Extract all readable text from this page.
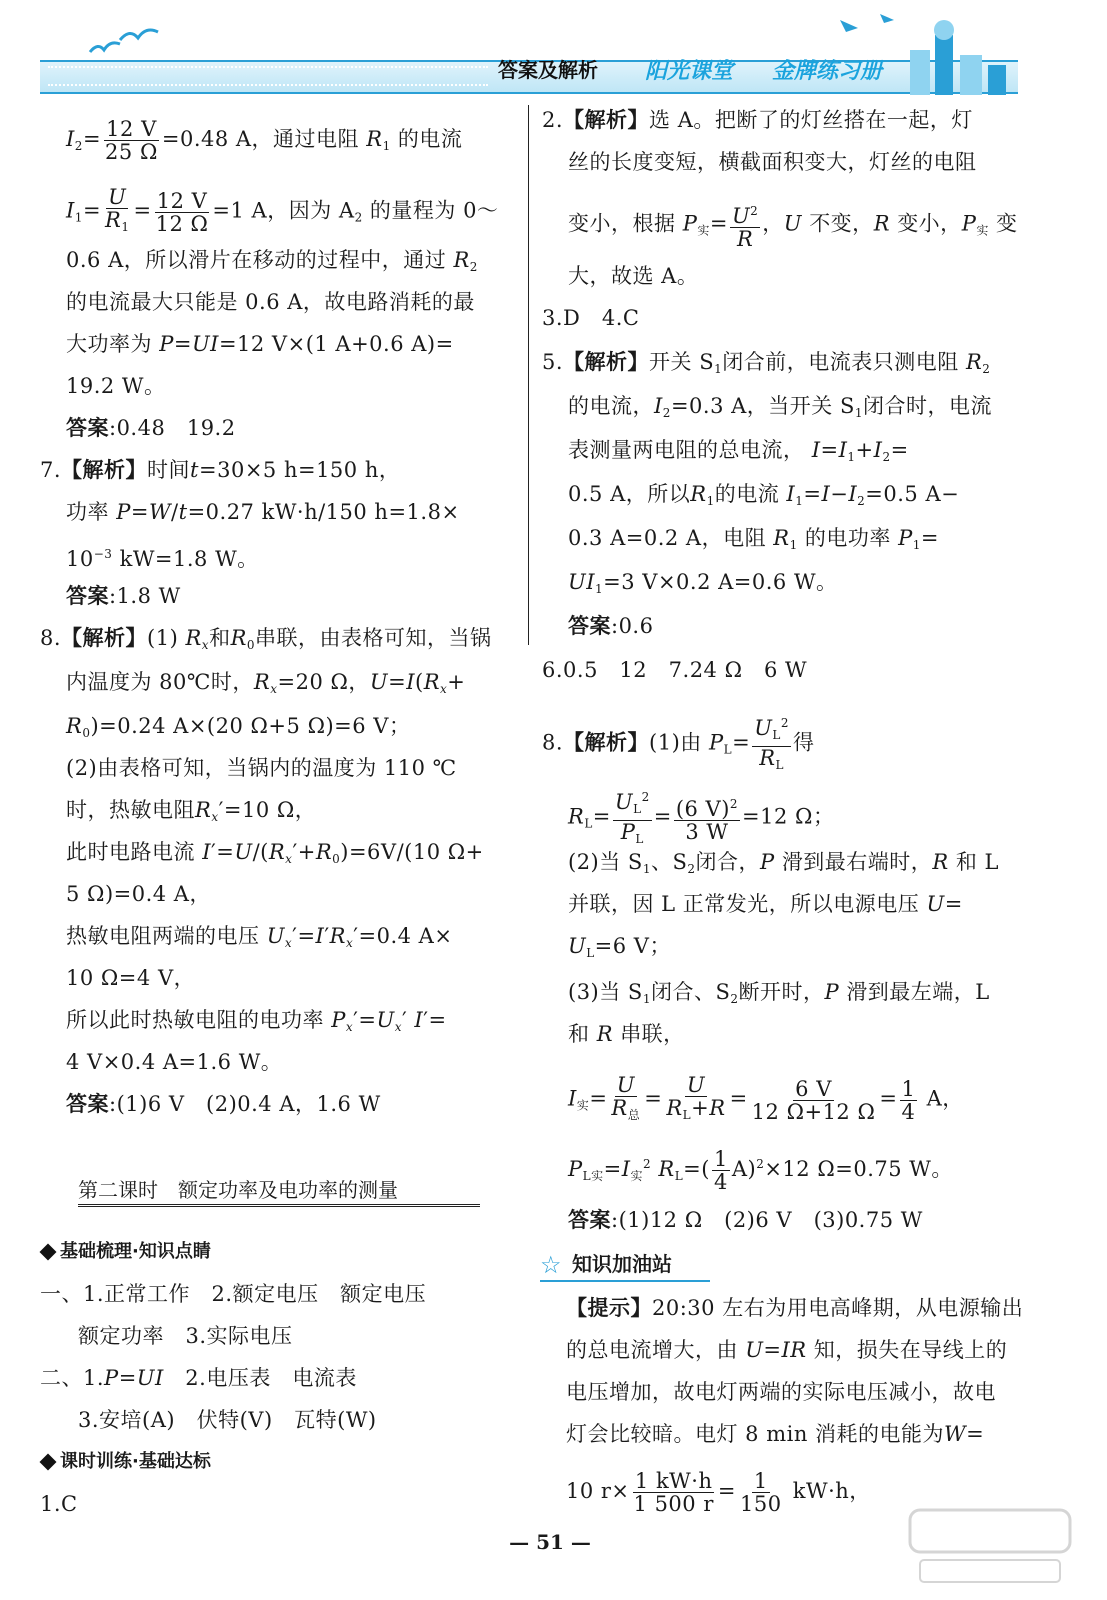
答案及解析 阳光课堂 金牌练习册
$I_2= \frac{12 V}{25 \Omega} =0.48$ A，通过电阻 $R_1$ 的电流
$I_1= \frac{U}{R_1} = \frac{12 V}{12 \Omega} =1$ A，因为 $A_2$ 的量程为 0～
0.6 A，所以滑片在移动的过程中，通过 $R_2$
的电流最大只能是 0.6 A，故电路消耗的最
大功率为 P=UI=12 V×(1 A+0.6 A)=
19.2 W。
答案:0.48　19.2
7.【解析】时间t=30×5 h=150 h，
功率 P=W/t=0.27 kW·h/150 h=1.8×
$10^{-3}$ kW=1.8 W。
答案:1.8 W
8.【解析】(1) $R_x$和$R_0$串联，由表格可知，当锅
内温度为 80℃时，$R_x=20$ Ω，$U=I(R_x+$
$R_0)=0.24$ A×(20 Ω+5 Ω)=6 V；
(2)由表格可知，当锅内的温度为 110 ℃
时，热敏电阻$R_x'=10$ Ω，
此时电路电流 $I'=U/(R_x'+R_0)=6V/(10$ Ω+
5 Ω)=0.4 A，
热敏电阻两端的电压 $U_x'=I'R_x'=0.4$ A×
10 Ω=4 V，
所以此时热敏电阻的电功率 $P_x'=U_x'$ I′=
4 V×0.4 A=1.6 W。
答案:(1)6 V　(2)0.4 A，1.6 W
第二课时　额定功率及电功率的测量
基础梳理·知识点睛
一、1.正常工作　2.额定电压　额定电压
额定功率　3.实际电压
二、1.P=UI　2.电压表　电流表
3.安培(A)　伏特(V)　瓦特(W)
课时训练·基础达标
1.C
2.【解析】选 A。把断了的灯丝搭在一起，灯
丝的长度变短，横截面积变大，灯丝的电阻
变小，根据 $P_实= \frac{U^2}{R}$ ，U 不变，R 变小，$P_实$ 变
大，故选 A。
3.D　4.C
5.【解析】开关 $S_1$闭合前，电流表只测电阻 $R_2$
的电流，$I_2=0.3$ A，当开关 $S_1$闭合时，电流
表测量两电阻的总电流， $I=I_1+I_2=$
0.5 A，所以$R_1$的电流 $I_1=I-I_2=0.5$ A−
0.3 A=0.2 A，电阻 $R_1$ 的电功率 $P_1=$
$UI_1=3$ V×0.2 A=0.6 W。
答案:0.6
6.0.5　12　7.24 Ω　6 W
8.【解析】(1)由 $P_L= \frac{U_L^2}{R_L}$ 得
$R_L= \frac{U_L^2}{P_L} = \frac{(6 V)^2}{3 W} =12$ Ω；
(2)当 $S_1$、$S_2$闭合，P 滑到最右端时，R 和 L
并联，因 L 正常发光，所以电源电压 U=
$U_L=6$ V；
(3)当 $S_1$闭合、$S_2$断开时，P 滑到最左端，L
和 R 串联，
$I_实= \frac{U}{R_总} = \frac{U}{R_L+R} = \frac{6 V}{12 \Omega+12 \Omega} = \frac{1}{4}$ A，
$P_{L实}=I_实^2$ $R_L=( \frac{1}{4} A)^2\times 12$ Ω=0.75 W。
答案:(1)12 Ω　(2)6 V　(3)0.75 W
☆ 知识加油站
【提示】20:30 左右为用电高峰期，从电源输出
的总电流增大，由 U=IR 知，损失在导线上的
电压增加，故电灯两端的实际电压减小，故电
灯会比较暗。电灯 8 min 消耗的电能为W=
10 $r\times \frac{1 kW\cdot h}{1 500 r} = \frac{1}{150} kW\cdot h$，
— 51 —
